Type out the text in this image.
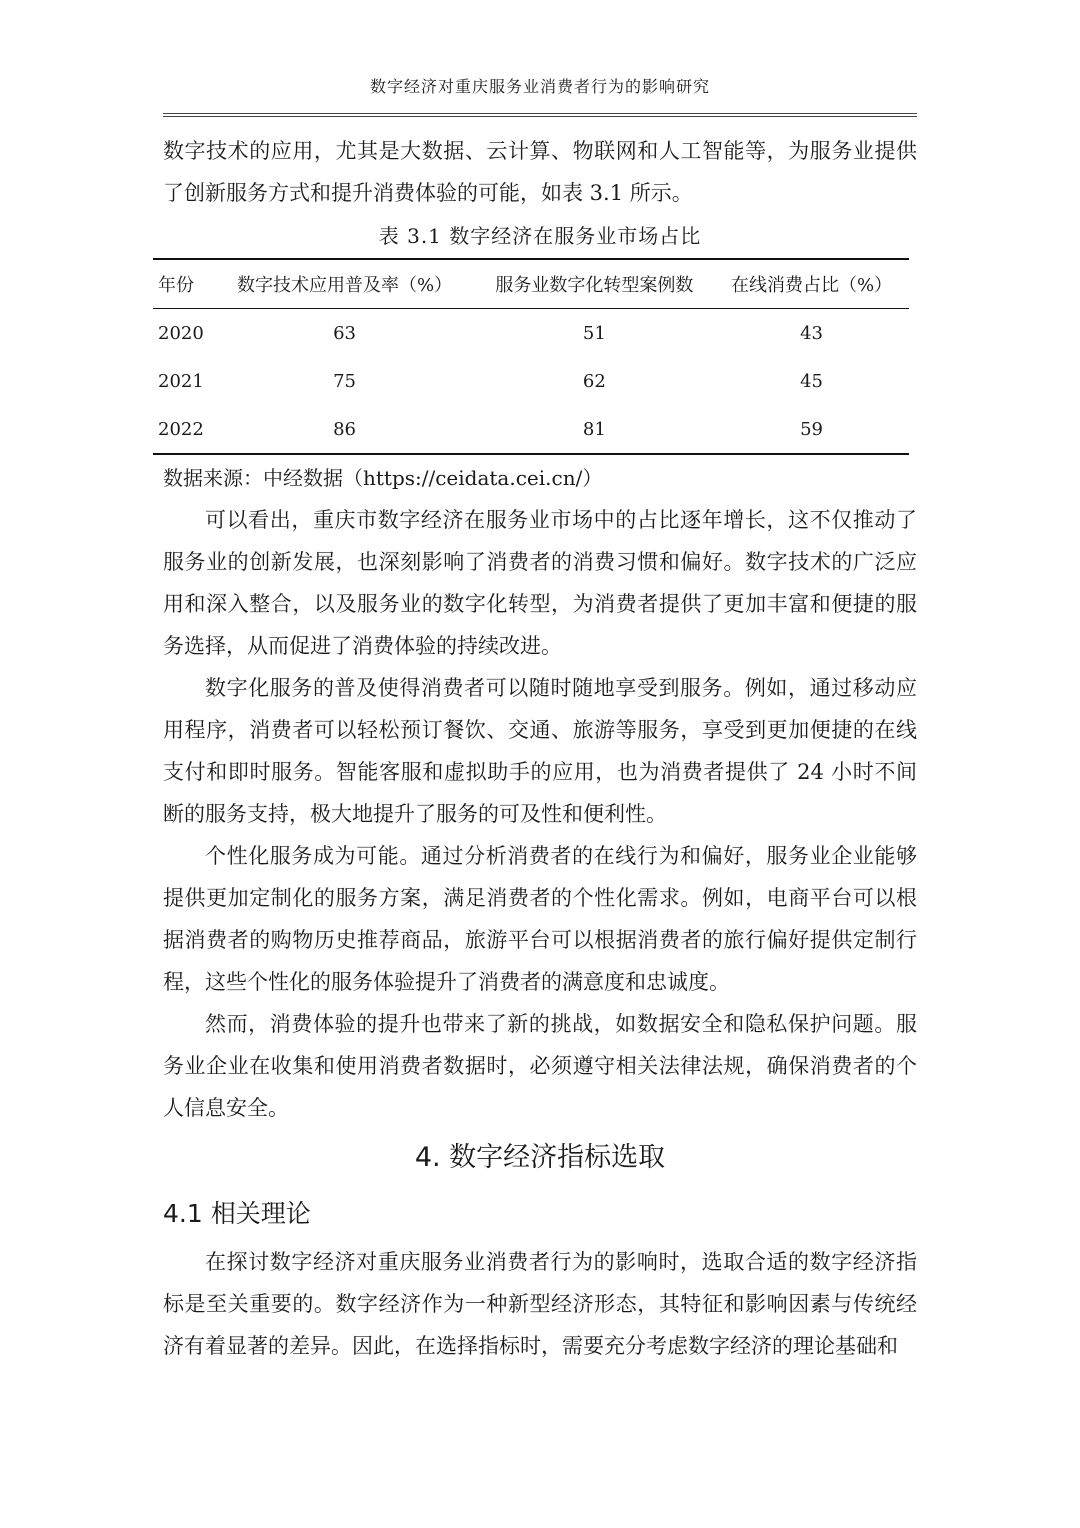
数字经济对重庆服务业消费者行为的影响研究

数字技术的应用，尤其是大数据、云计算、物联网和人工智能等，为服务业提供了创新服务方式和提升消费体验的可能，如表 3.1 所示。

表 3.1 数字经济在服务业市场占比
年份	数字技术应用普及率（%）	服务业数字化转型案例数	在线消费占比（%）
2020	63	51	43
2021	75	62	45
2022	86	81	59
数据来源：中经数据（https://ceidata.cei.cn/）

可以看出，重庆市数字经济在服务业市场中的占比逐年增长，这不仅推动了服务业的创新发展，也深刻影响了消费者的消费习惯和偏好。数字技术的广泛应用和深入整合，以及服务业的数字化转型，为消费者提供了更加丰富和便捷的服务选择，从而促进了消费体验的持续改进。

数字化服务的普及使得消费者可以随时随地享受到服务。例如，通过移动应用程序，消费者可以轻松预订餐饮、交通、旅游等服务，享受到更加便捷的在线支付和即时服务。智能客服和虚拟助手的应用，也为消费者提供了 24 小时不间断的服务支持，极大地提升了服务的可及性和便利性。

个性化服务成为可能。通过分析消费者的在线行为和偏好，服务业企业能够提供更加定制化的服务方案，满足消费者的个性化需求。例如，电商平台可以根据消费者的购物历史推荐商品，旅游平台可以根据消费者的旅行偏好提供定制行程，这些个性化的服务体验提升了消费者的满意度和忠诚度。

然而，消费体验的提升也带来了新的挑战，如数据安全和隐私保护问题。服务业企业在收集和使用消费者数据时，必须遵守相关法律法规，确保消费者的个人信息安全。

4. 数字经济指标选取
4.1 相关理论

在探讨数字经济对重庆服务业消费者行为的影响时，选取合适的数字经济指标是至关重要的。数字经济作为一种新型经济形态，其特征和影响因素与传统经济有着显著的差异。因此，在选择指标时，需要充分考虑数字经济的理论基础和
